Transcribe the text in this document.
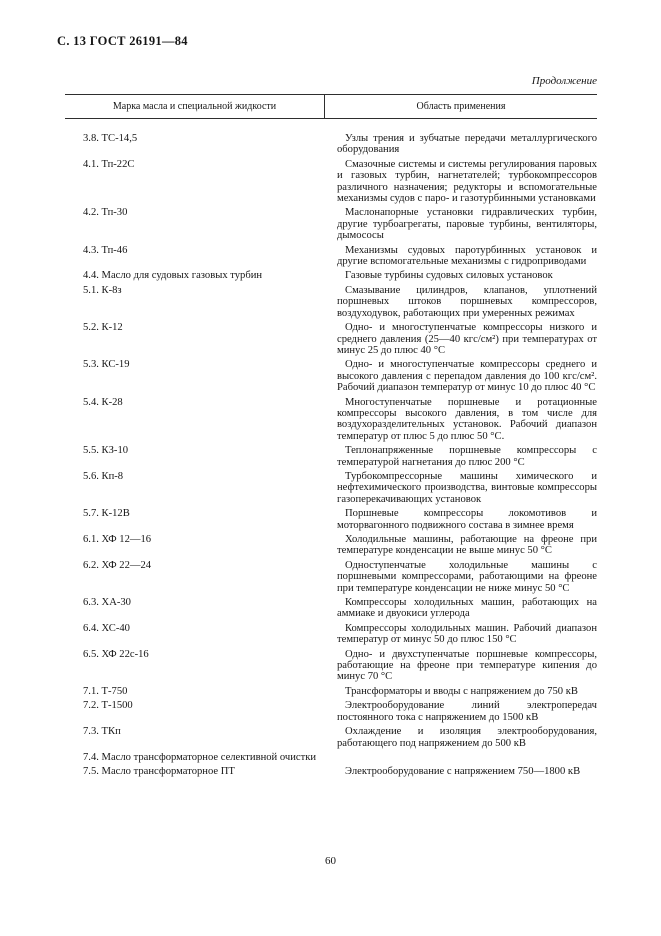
С. 13 ГОСТ 26191—84
Продолжение
Марка масла и специальной жидкости	Область применения
3.8. ТС-14,5	Узлы трения и зубчатые передачи металлургического оборудования
4.1. Тп-22С	Смазочные системы и системы регулирования паровых и газовых турбин, нагнетателей; турбокомпрессоров различного назначения; редукторы и вспомогательные механизмы судов с паро- и газотурбинными установками
4.2. Тп-30	Маслонапорные установки гидравлических турбин, другие турбоагрегаты, паровые турбины, вентиляторы, дымососы
4.3. Тп-46	Механизмы судовых паротурбинных установок и другие вспомогательные механизмы с гидроприводами
4.4. Масло для судовых газовых турбин	Газовые турбины судовых силовых установок
5.1. К-8з	Смазывание цилиндров, клапанов, уплотнений поршневых штоков поршневых компрессоров, воздуходувок, работающих при умеренных режимах
5.2. К-12	Одно- и многоступенчатые компрессоры низкого и среднего давления (25—40 кгс/см²) при температурах от минус 25 до плюс 40 °С
5.3. КС-19	Одно- и многоступенчатые компрессоры среднего и высокого давления с перепадом давления до 100 кгс/см². Рабочий диапазон температур от минус 10 до плюс 40 °С
5.4. К-28	Многоступенчатые поршневые и ротационные компрессоры высокого давления, в том числе для воздухоразделительных установок. Рабочий диапазон температур от плюс 5 до плюс 50 °С.
5.5. КЗ-10	Теплонапряженные поршневые компрессоры с температурой нагнетания до плюс 200 °С
5.6. Кп-8	Турбокомпрессорные машины химического и нефтехимического производства, винтовые компрессоры газоперекачивающих установок
5.7. К-12В	Поршневые компрессоры локомотивов и моторвагонного подвижного состава в зимнее время
6.1. ХФ 12—16	Холодильные машины, работающие на фреоне при температуре конденсации не выше минус 50 °С
6.2. ХФ 22—24	Одноступенчатые холодильные машины с поршневыми компрессорами, работающими на фреоне при температуре конденсации не ниже минус 50 °С
6.3. ХА-30	Компрессоры холодильных машин, работающих на аммиаке и двуокиси углерода
6.4. ХС-40	Компрессоры холодильных машин. Рабочий диапазон температур от минус 50 до плюс 150 °С
6.5. ХФ 22с-16	Одно- и двухступенчатые поршневые компрессоры, работающие на фреоне при температуре кипения до минус 70 °С
7.1. Т-750	Трансформаторы и вводы с напряжением до 750 кВ
7.2. Т-1500	Электрооборудование линий электропередач постоянного тока с напряжением до 1500 кВ
7.3. ТКп	Охлаждение и изоляция электрооборудования, работающего под напряжением до 500 кВ
7.4. Масло трансформаторное селективной очистки
7.5. Масло трансформаторное ПТ	Электрооборудование с напряжением 750—1800 кВ
60
